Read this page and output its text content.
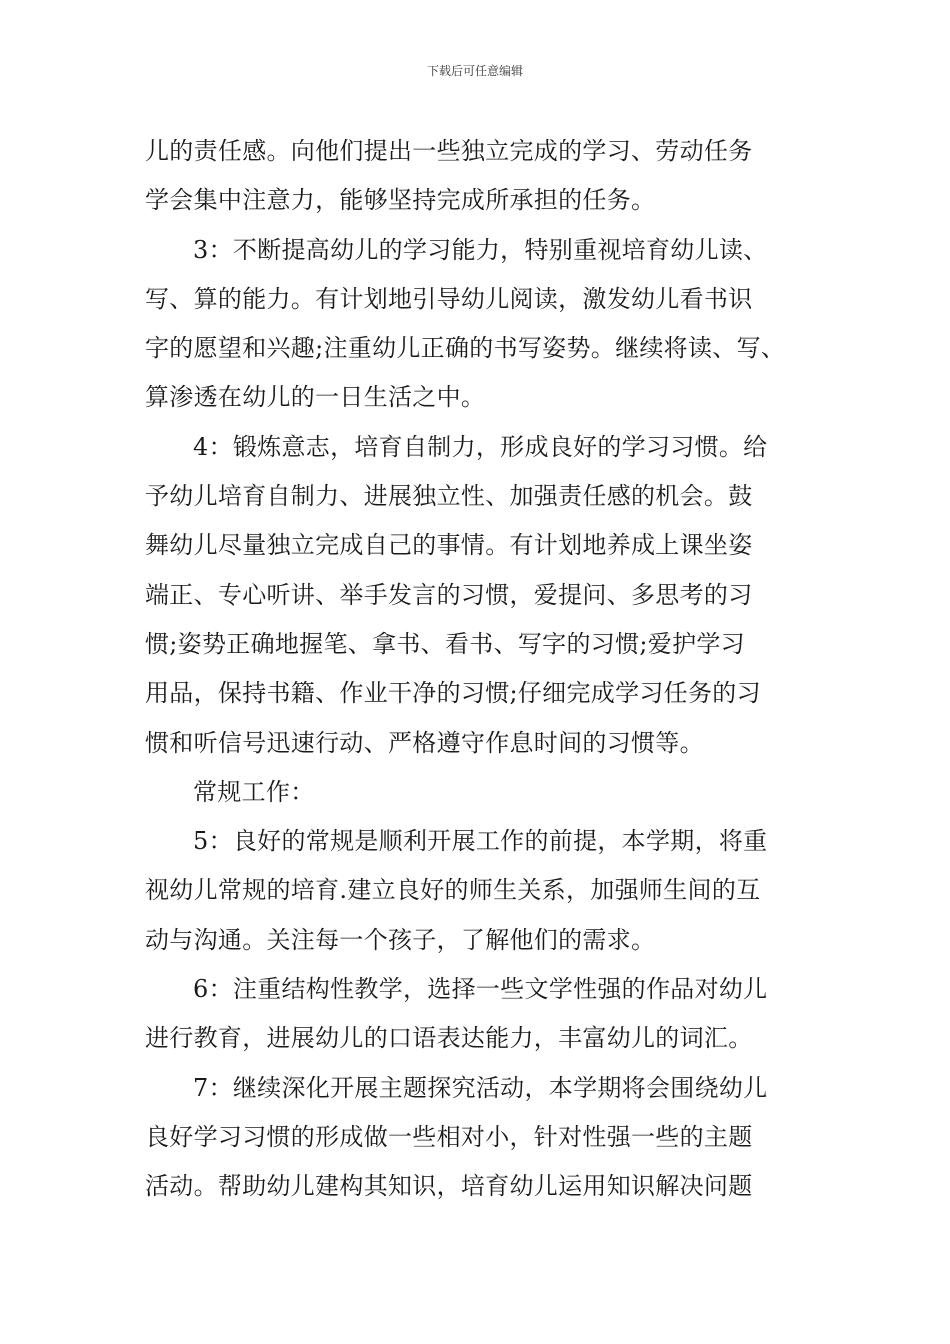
下载后可任意编辑
儿的责任感。向他们提出一些独立完成的学习、劳动任务
学会集中注意力，能够坚持完成所承担的任务。
3：不断提高幼儿的学习能力，特别重视培育幼儿读、
写、算的能力。有计划地引导幼儿阅读，激发幼儿看书识
字的愿望和兴趣;注重幼儿正确的书写姿势。继续将读、写、
算渗透在幼儿的一日生活之中。
4：锻炼意志，培育自制力，形成良好的学习习惯。给
予幼儿培育自制力、进展独立性、加强责任感的机会。鼓
舞幼儿尽量独立完成自己的事情。有计划地养成上课坐姿
端正、专心听讲、举手发言的习惯，爱提问、多思考的习
惯;姿势正确地握笔、拿书、看书、写字的习惯;爱护学习
用品，保持书籍、作业干净的习惯;仔细完成学习任务的习
惯和听信号迅速行动、严格遵守作息时间的习惯等。
常规工作：
5：良好的常规是顺利开展工作的前提，本学期，将重
视幼儿常规的培育.建立良好的师生关系，加强师生间的互
动与沟通。关注每一个孩子，了解他们的需求。
6：注重结构性教学，选择一些文学性强的作品对幼儿
进行教育，进展幼儿的口语表达能力，丰富幼儿的词汇。
7：继续深化开展主题探究活动，本学期将会围绕幼儿
良好学习习惯的形成做一些相对小，针对性强一些的主题
活动。帮助幼儿建构其知识，培育幼儿运用知识解决问题
